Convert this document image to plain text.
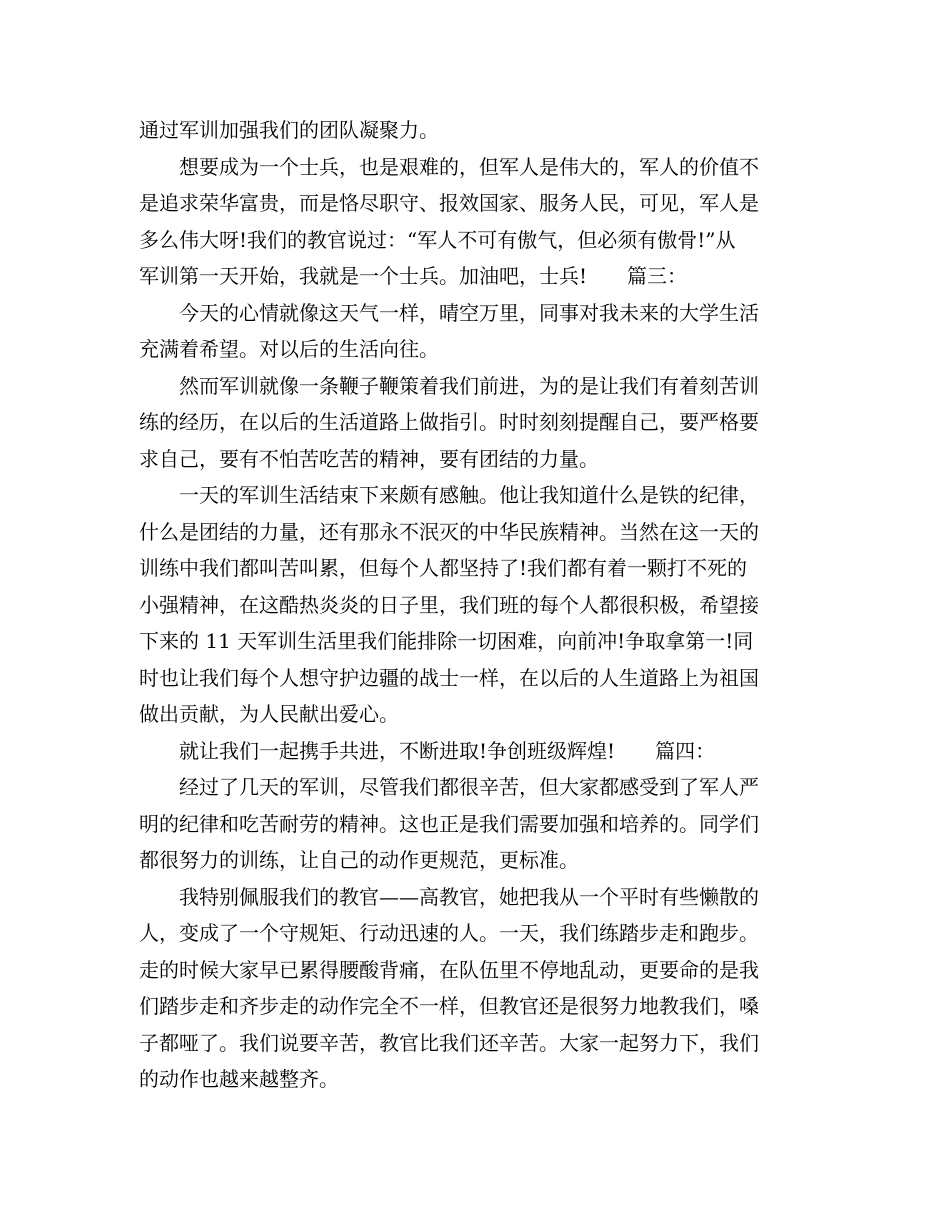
通过军训加强我们的团队凝聚力。
想要成为一个士兵，也是艰难的，但军人是伟大的，军人的价值不
是追求荣华富贵，而是恪尽职守、报效国家、服务人民，可见，军人是
多么伟大呀!我们的教官说过：“军人不可有傲气，但必须有傲骨!”从
军训第一天开始，我就是一个士兵。加油吧，士兵!　　篇三：
今天的心情就像这天气一样，晴空万里，同事对我未来的大学生活
充满着希望。对以后的生活向往。
然而军训就像一条鞭子鞭策着我们前进，为的是让我们有着刻苦训
练的经历，在以后的生活道路上做指引。时时刻刻提醒自己，要严格要
求自己，要有不怕苦吃苦的精神，要有团结的力量。
一天的军训生活结束下来颇有感触。他让我知道什么是铁的纪律，
什么是团结的力量，还有那永不泯灭的中华民族精神。当然在这一天的
训练中我们都叫苦叫累，但每个人都坚持了!我们都有着一颗打不死的
小强精神，在这酷热炎炎的日子里，我们班的每个人都很积极，希望接
下来的 11 天军训生活里我们能排除一切困难，向前冲!争取拿第一!同
时也让我们每个人想守护边疆的战士一样，在以后的人生道路上为祖国
做出贡献，为人民献出爱心。
就让我们一起携手共进，不断进取!争创班级辉煌!　　篇四：
经过了几天的军训，尽管我们都很辛苦，但大家都感受到了军人严
明的纪律和吃苦耐劳的精神。这也正是我们需要加强和培养的。同学们
都很努力的训练，让自己的动作更规范，更标准。
我特别佩服我们的教官——高教官，她把我从一个平时有些懒散的
人，变成了一个守规矩、行动迅速的人。一天，我们练踏步走和跑步。
走的时候大家早已累得腰酸背痛，在队伍里不停地乱动，更要命的是我
们踏步走和齐步走的动作完全不一样，但教官还是很努力地教我们，嗓
子都哑了。我们说要辛苦，教官比我们还辛苦。大家一起努力下，我们
的动作也越来越整齐。
